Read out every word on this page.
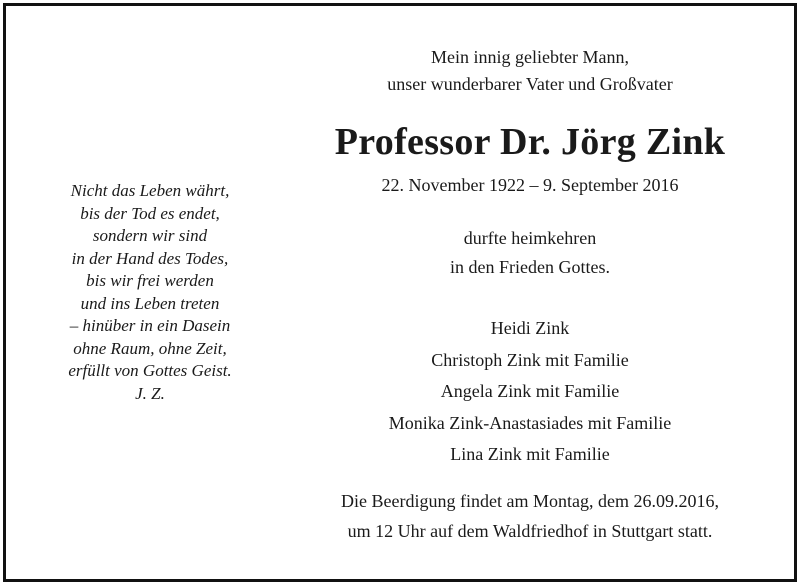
Nicht das Leben währt,
bis der Tod es endet,
sondern wir sind
in der Hand des Todes,
bis wir frei werden
und ins Leben treten
– hinüber in ein Dasein
ohne Raum, ohne Zeit,
erfüllt von Gottes Geist.
J. Z.
Mein innig geliebter Mann,
unser wunderbarer Vater und Großvater
Professor Dr. Jörg Zink
22. November 1922 – 9. September 2016
durfte heimkehren
in den Frieden Gottes.
Heidi Zink
Christoph Zink mit Familie
Angela Zink mit Familie
Monika Zink-Anastasiades mit Familie
Lina Zink mit Familie
Die Beerdigung findet am Montag, dem 26.09.2016,
um 12 Uhr auf dem Waldfriedhof in Stuttgart statt.
